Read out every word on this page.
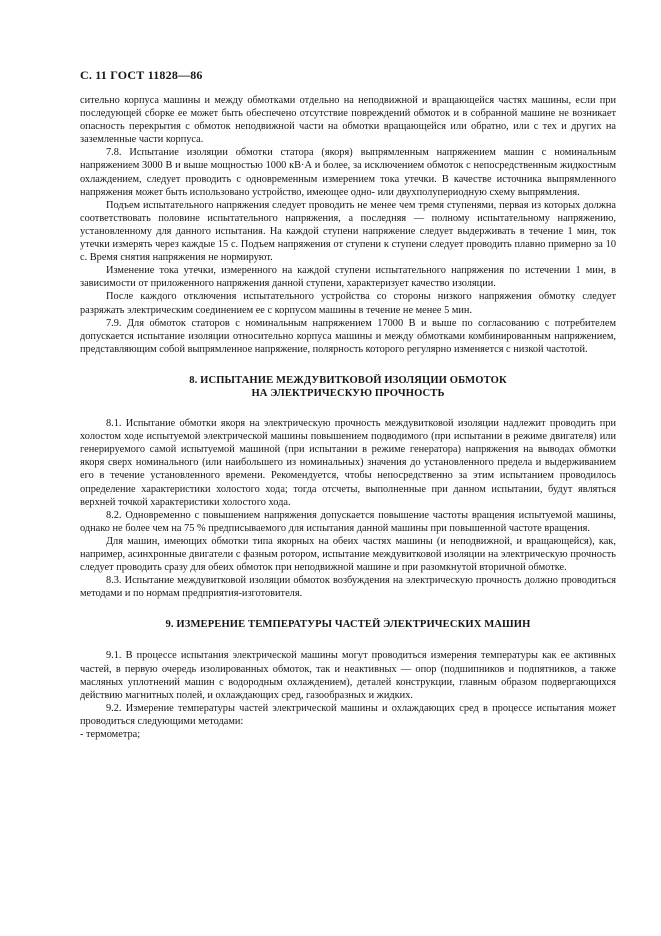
С. 11 ГОСТ 11828—86

сительно корпуса машины и между обмотками отдельно на неподвижной и вращающейся частях машины, если при последующей сборке ее может быть обеспечено отсутствие повреждений обмоток и в собранной машине не возникает опасность перекрытия с обмоток неподвижной части на обмотки вращающейся или обратно, или с тех и других на заземленные части корпуса.

7.8. Испытание изоляции обмотки статора (якоря) выпрямленным напряжением машин с номинальным напряжением 3000 В и выше мощностью 1000 кВ·А и более, за исключением обмоток с непосредственным жидкостным охлаждением, следует проводить с одновременным измерением тока утечки. В качестве источника выпрямленного напряжения может быть использовано устройство, имеющее одно- или двухполупериодную схему выпрямления.

Подъем испытательного напряжения следует проводить не менее чем тремя ступенями, первая из которых должна соответствовать половине испытательного напряжения, а последняя — полному испытательному напряжению, установленному для данного испытания. На каждой ступени напряжение следует выдерживать в течение 1 мин, ток утечки измерять через каждые 15 с. Подъем напряжения от ступени к ступени следует проводить плавно примерно за 10 с. Время снятия напряжения не нормируют.

Изменение тока утечки, измеренного на каждой ступени испытательного напряжения по истечении 1 мин, в зависимости от приложенного напряжения данной ступени, характеризует качество изоляции.

После каждого отключения испытательного устройства со стороны низкого напряжения обмотку следует разряжать электрическим соединением ее с корпусом машины в течение не менее 5 мин.

7.9. Для обмоток статоров с номинальным напряжением 17000 В и выше по согласованию с потребителем допускается испытание изоляции относительно корпуса машины и между обмотками комбинированным напряжением, представляющим собой выпрямленное напряжение, полярность которого регулярно изменяется с низкой частотой.

8. ИСПЫТАНИЕ МЕЖДУВИТКОВОЙ ИЗОЛЯЦИИ ОБМОТОК

НА ЭЛЕКТРИЧЕСКУЮ ПРОЧНОСТЬ

8.1. Испытание обмотки якоря на электрическую прочность междувитковой изоляции надлежит проводить при холостом ходе испытуемой электрической машины повышением подводимого (при испытании в режиме двигателя) или генерируемого самой испытуемой машиной (при испытании в режиме генератора) напряжения на выводах обмотки якоря сверх номинального (или наибольшего из номинальных) значения до установленного предела и выдерживанием его в течение установленного времени. Рекомендуется, чтобы непосредственно за этим испытанием проводилось определение характеристики холостого хода; тогда отсчеты, выполненные при данном испытании, будут являться верхней точкой характеристики холостого хода.

8.2. Одновременно с повышением напряжения допускается повышение частоты вращения испытуемой машины, однако не более чем на 75 % предписываемого для испытания данной машины при повышенной частоте вращения.

Для машин, имеющих обмотки типа якорных на обеих частях машины (и неподвижной, и вращающейся), как, например, асинхронные двигатели с фазным ротором, испытание междувитковой изоляции на электрическую прочность следует проводить сразу для обеих обмоток при неподвижной машине и при разомкнутой вторичной обмотке.

8.3. Испытание междувитковой изоляции обмоток возбуждения на электрическую прочность должно проводиться методами и по нормам предприятия-изготовителя.

9. ИЗМЕРЕНИЕ ТЕМПЕРАТУРЫ ЧАСТЕЙ ЭЛЕКТРИЧЕСКИХ МАШИН

9.1. В процессе испытания электрической машины могут проводиться измерения температуры как ее активных частей, в первую очередь изолированных обмоток, так и неактивных — опор (подшипников и подпятников, а также масляных уплотнений машин с водородным охлаждением), деталей конструкции, главным образом подвергающихся действию магнитных полей, и охлаждающих сред, газообразных и жидких.

9.2. Измерение температуры частей электрической машины и охлаждающих сред в процессе испытания может проводиться следующими методами:

- термометра;
